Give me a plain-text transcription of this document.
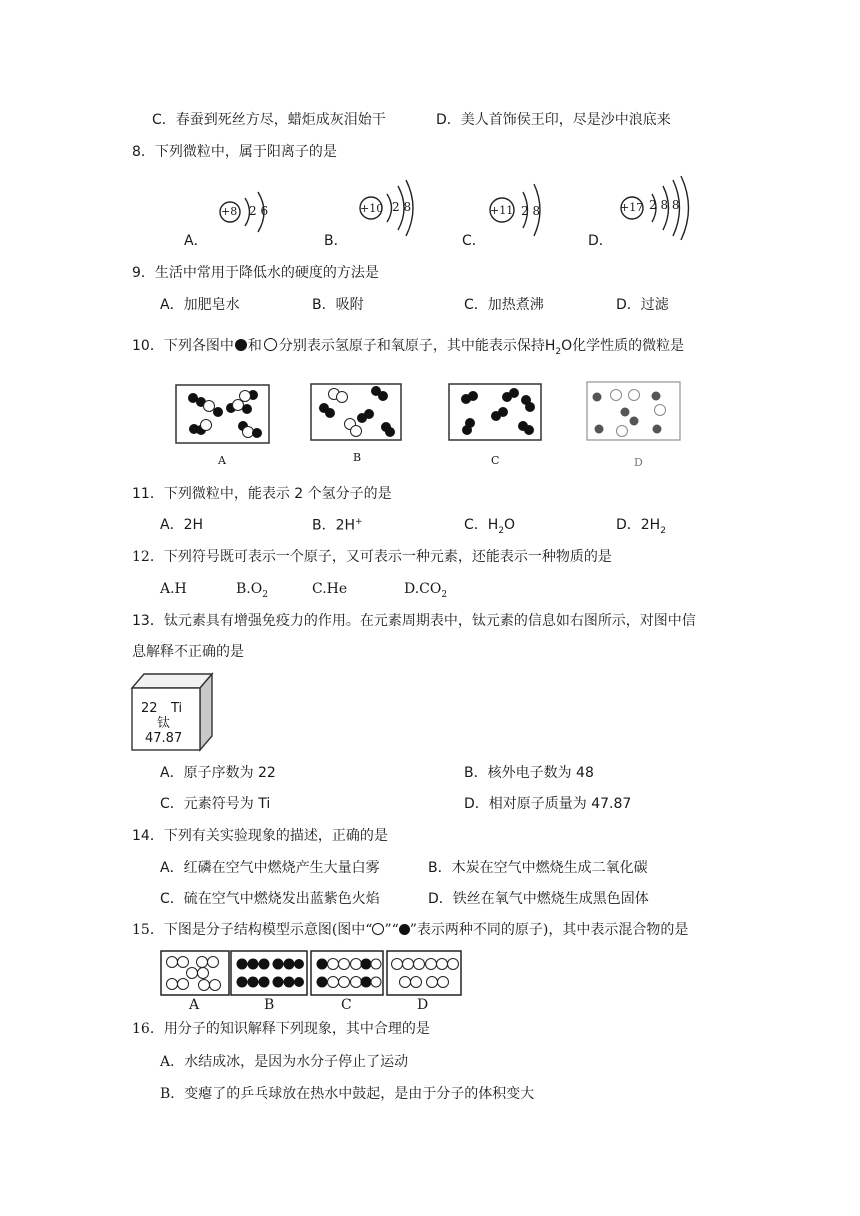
C．春蚕到死丝方尽，蜡炬成灰泪始干	D．美人首饰侯王印，尽是沙中浪底来
8．下列微粒中，属于阳离子的是
A．
+8 2 6
B．
+10 2 8
C．
+11 2 8
D．
+17 2 8 8
9．生活中常用于降低水的硬度的方法是
A．加肥皂水	B．吸附	C．加热煮沸	D．过滤
10．下列各图中 和 分别表示氢原子和氧原子，其中能表示保持$H_2O$化学性质的微粒是
A	B	C	D
11．下列微粒中，能表示 2 个氢分子的是
A．2H	B．2H+	C．$H_2O$	D．$2H_2$
12．下列符号既可表示一个原子，又可表示一种元素，还能表示一种物质的是
A.H	$B.O_2$	C.He	$D.CO_2$
13．钛元素具有增强免疫力的作用。在元素周期表中，钛元素的信息如右图所示，对图中信
息解释不正确的是
22 Ti
钛
47.87
A．原子序数为 22	B．核外电子数为 48
C．元素符号为 Ti	D．相对原子质量为 47.87
14．下列有关实验现象的描述，正确的是
A．红磷在空气中燃烧产生大量白雾	B．木炭在空气中燃烧生成二氧化碳
C．硫在空气中燃烧发出蓝紫色火焰	D．铁丝在氧气中燃烧生成黑色固体
15．下图是分子结构模型示意图(图中“ ”“ ”表示两种不同的原子)，其中表示混合物的是
A	B	C	D
16．用分子的知识解释下列现象，其中合理的是
A．水结成冰，是因为水分子停止了运动
B．变瘪了的乒乓球放在热水中鼓起，是由于分子的体积变大
